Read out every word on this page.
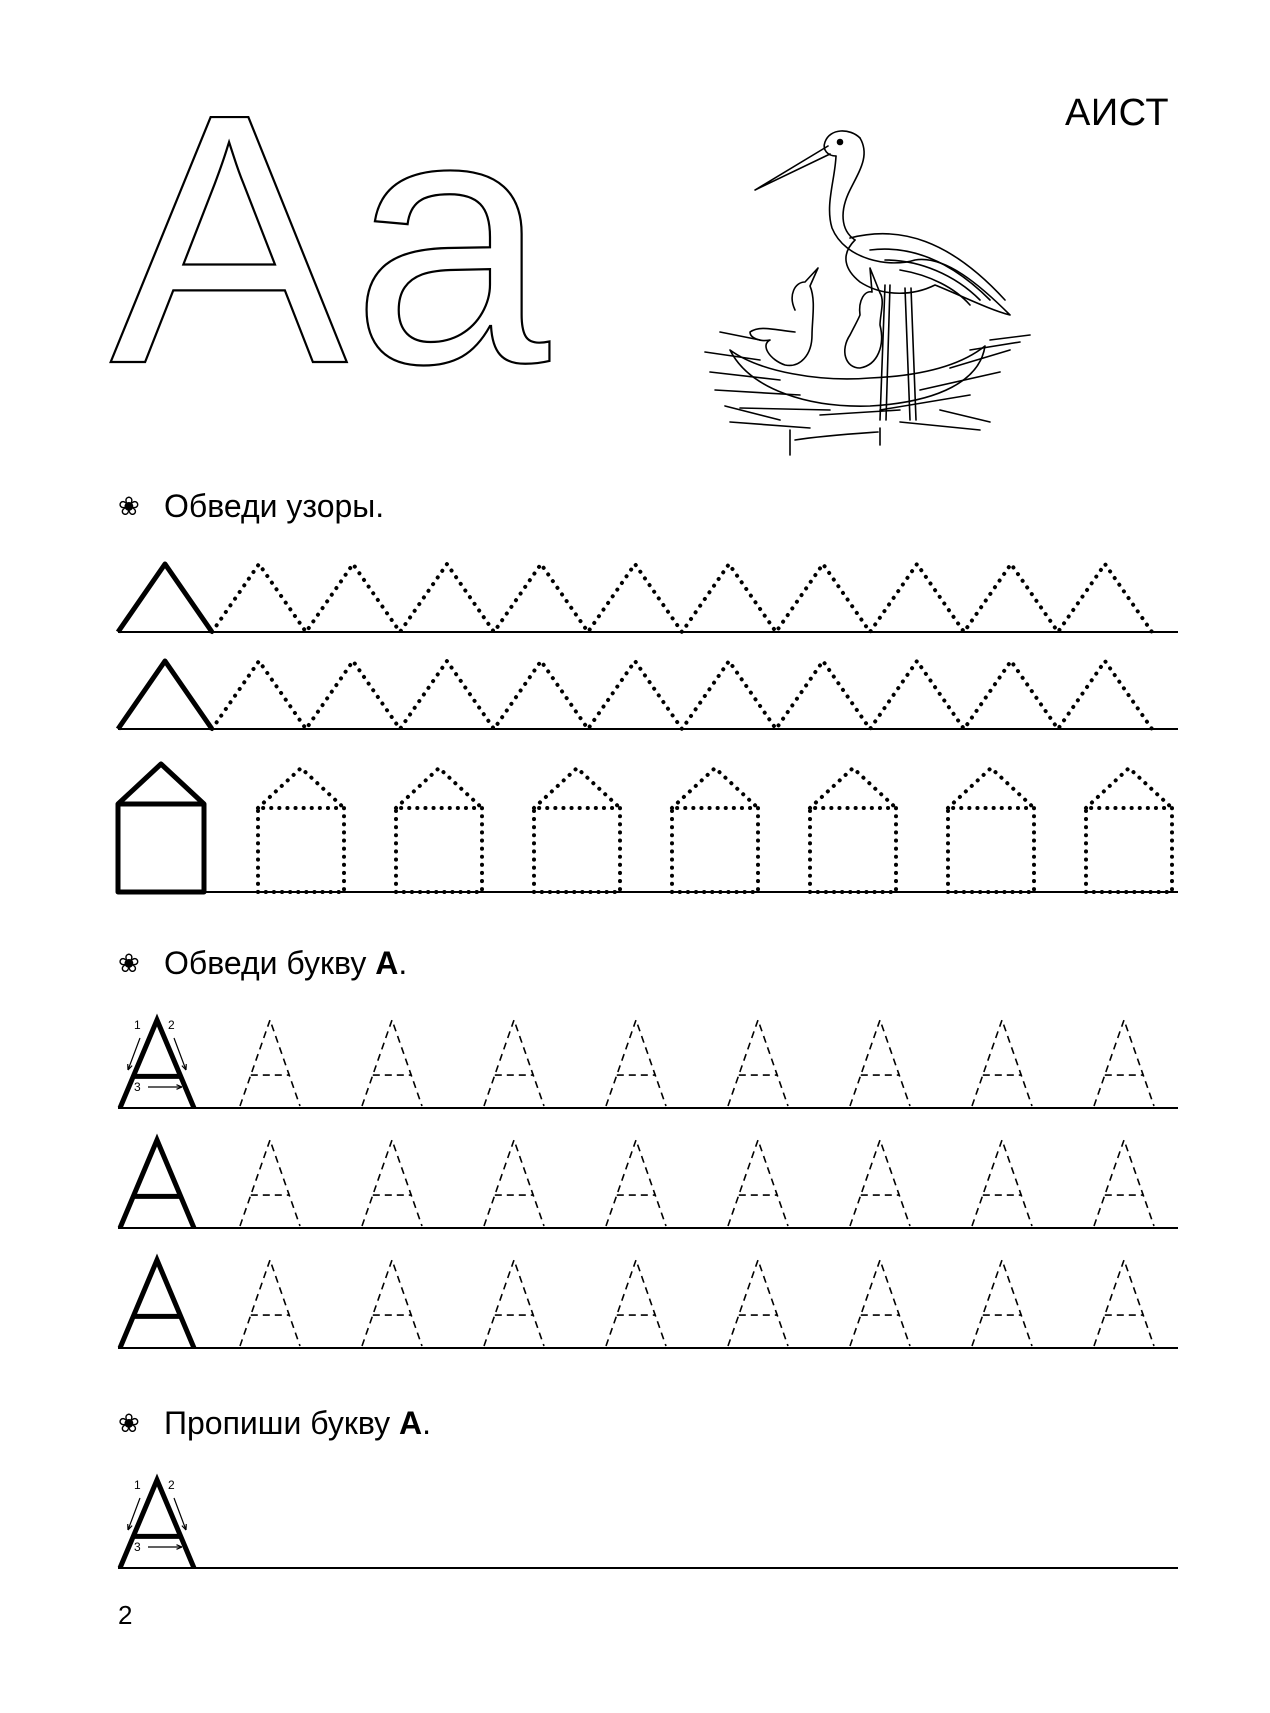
Аа	АИСТ
❀ Обведи узоры.
❀ Обведи букву А.
❀ Пропиши букву А.
1 2
3
1 2
3
2
